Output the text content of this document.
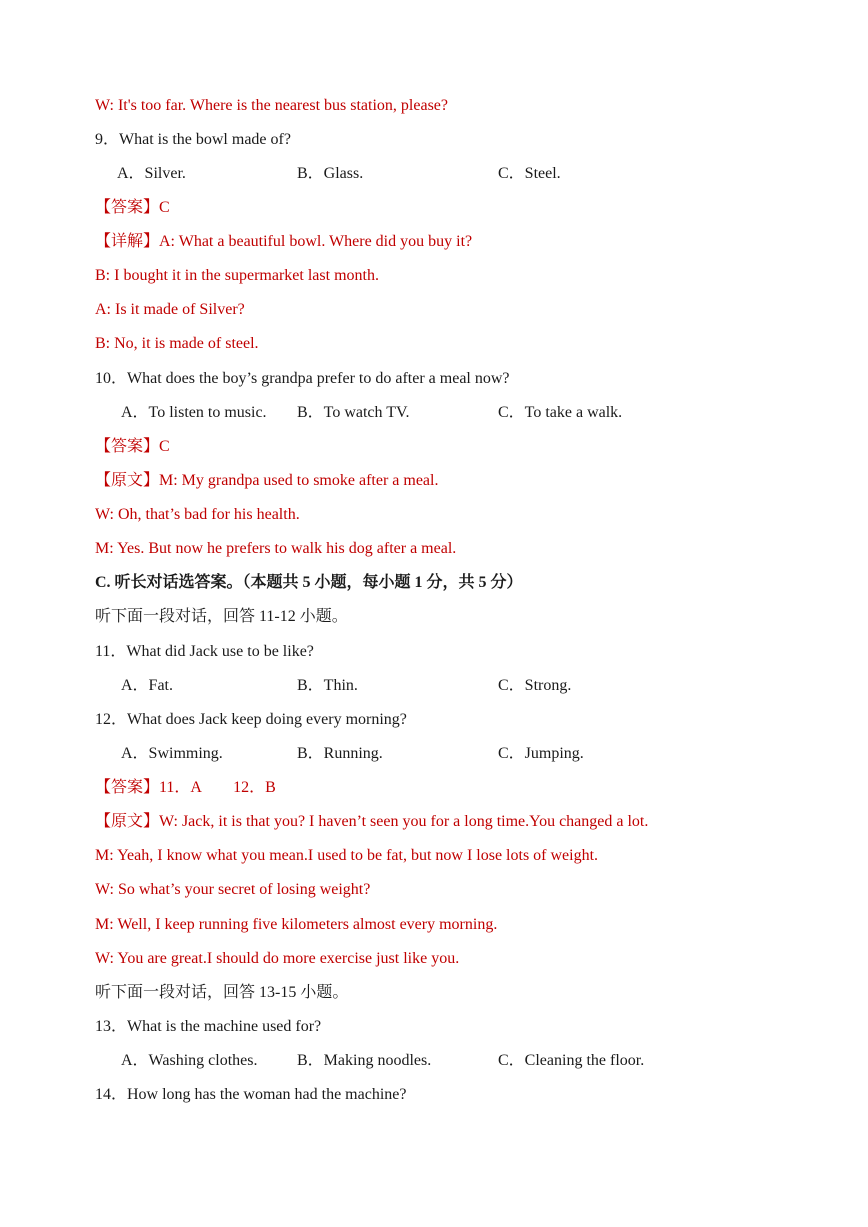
W: It's too far. Where is the nearest bus station, please?
9．What is the bowl made of?
A．Silver.	B．Glass.	C．Steel.
【答案】C
【详解】A: What a beautiful bowl. Where did you buy it?
B: I bought it in the supermarket last month.
A: Is it made of Silver?
B: No, it is made of steel.
10．What does the boy’s grandpa prefer to do after a meal now?
A．To listen to music. B．To watch TV.	C．To take a walk.
【答案】C
【原文】M: My grandpa used to smoke after a meal.
W: Oh, that’s bad for his health.
M: Yes. But now he prefers to walk his dog after a meal.
C. 听长对话选答案。（本题共 5 小题，每小题 1 分，共 5 分）
听下面一段对话，回答 11-12 小题。
11．What did Jack use to be like?
A．Fat.	B．Thin.	C．Strong.
12．What does Jack keep doing every morning?
A．Swimming.	B．Running.	C．Jumping.
【答案】11．A　　12．B
【原文】W: Jack, it is that you? I haven’t seen you for a long time.You changed a lot.
M: Yeah, I know what you mean.I used to be fat, but now I lose lots of weight.
W: So what’s your secret of losing weight?
M: Well, I keep running five kilometers almost every morning.
W: You are great.I should do more exercise just like you.
听下面一段对话，回答 13-15 小题。
13．What is the machine used for?
A．Washing clothes. B．Making noodles.	C．Cleaning the floor.
14．How long has the woman had the machine?
